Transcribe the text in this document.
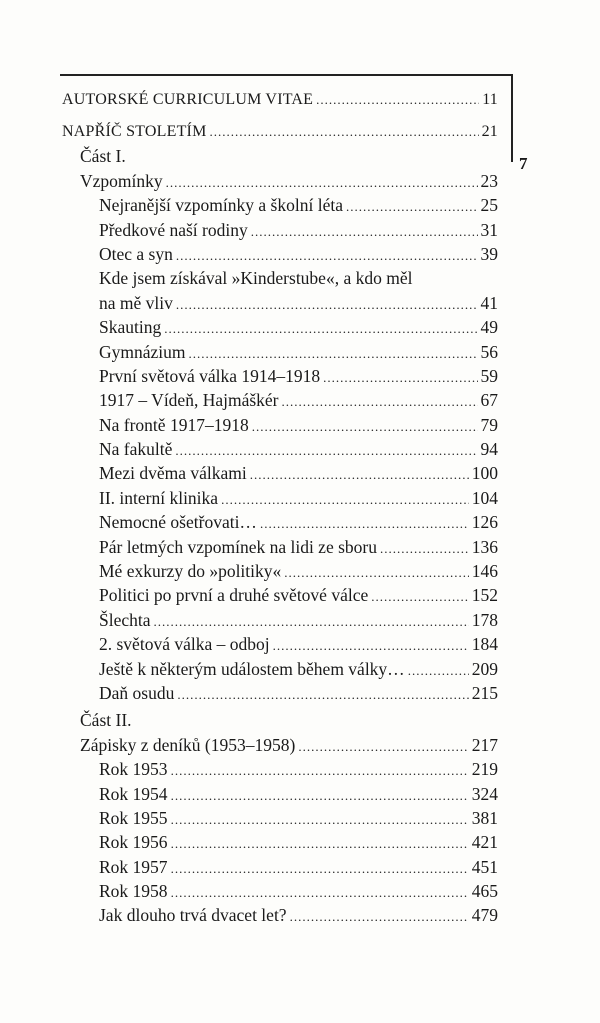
7
AUTORSKÉ CURRICULUM VITAE .....	11
NAPŘÍČ STOLETÍM .....	21
Část I.
Vzpomínky .....	23
Nejranější vzpomínky a školní léta .....	25
Předkové naší rodiny .....	31
Otec a syn .....	39
Kde jsem získával »Kinderstube«, a kdo měl
na mě vliv .....	41
Skauting .....	49
Gymnázium .....	56
První světová válka 1914–1918 .....	59
1917 – Vídeň, Hajmáškér .....	67
Na frontě 1917–1918 .....	79
Na fakultě .....	94
Mezi dvěma válkami .....	100
II. interní klinika .....	104
Nemocné ošetřovati… .....	126
Pár letmých vzpomínek na lidi ze sboru .....	136
Mé exkurzy do »politiky« .....	146
Politici po první a druhé světové válce .....	152
Šlechta .....	178
2. světová válka – odboj .....	184
Ještě k některým událostem během války… .....	209
Daň osudu .....	215
Část II.
Zápisky z deníků (1953–1958) .....	217
Rok 1953 .....	219
Rok 1954 .....	324
Rok 1955 .....	381
Rok 1956 .....	421
Rok 1957 .....	451
Rok 1958 .....	465
Jak dlouho trvá dvacet let? .....	479
